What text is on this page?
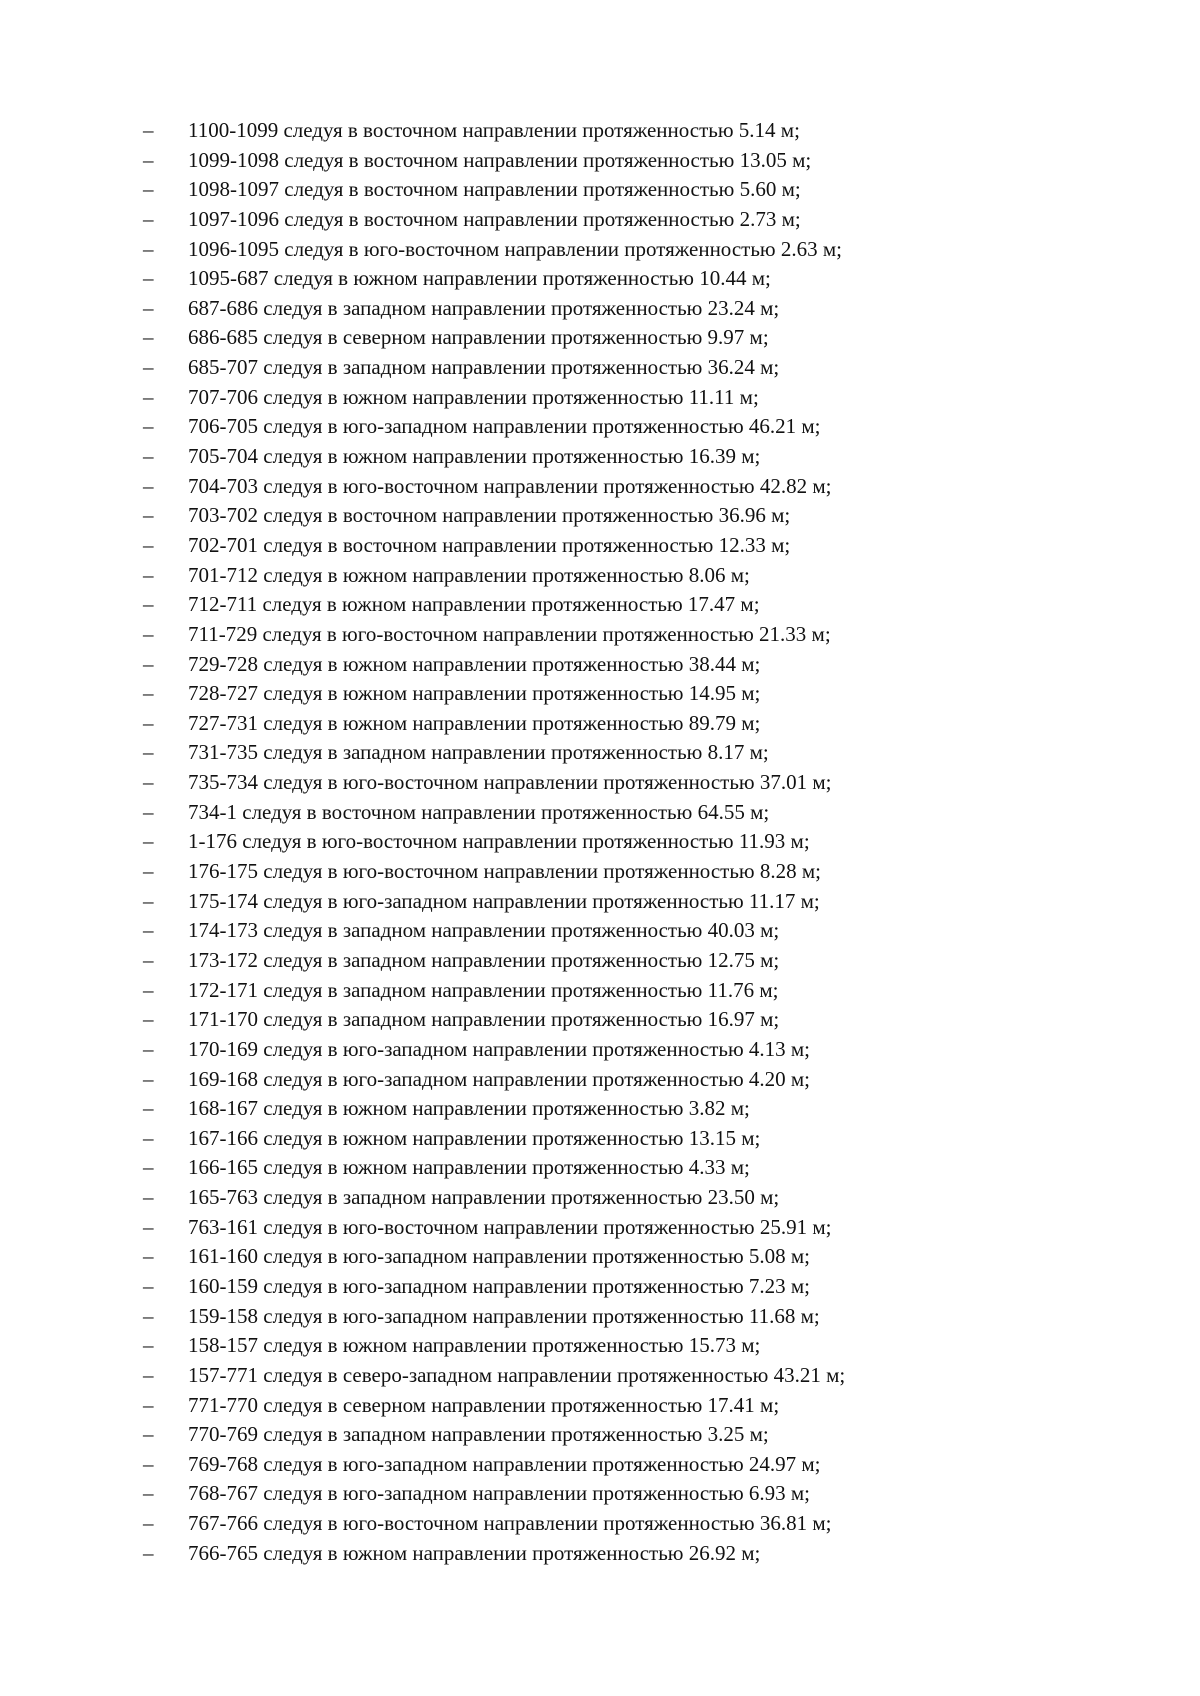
–	1100-1099 следуя в восточном направлении протяженностью 5.14 м;
–	1099-1098 следуя в восточном направлении протяженностью 13.05 м;
–	1098-1097 следуя в восточном направлении протяженностью 5.60 м;
–	1097-1096 следуя в восточном направлении протяженностью 2.73 м;
–	1096-1095 следуя в юго-восточном направлении протяженностью 2.63 м;
–	1095-687 следуя в южном направлении протяженностью 10.44 м;
–	687-686 следуя в западном направлении протяженностью 23.24 м;
–	686-685 следуя в северном направлении протяженностью 9.97 м;
–	685-707 следуя в западном направлении протяженностью 36.24 м;
–	707-706 следуя в южном направлении протяженностью 11.11 м;
–	706-705 следуя в юго-западном направлении протяженностью 46.21 м;
–	705-704 следуя в южном направлении протяженностью 16.39 м;
–	704-703 следуя в юго-восточном направлении протяженностью 42.82 м;
–	703-702 следуя в восточном направлении протяженностью 36.96 м;
–	702-701 следуя в восточном направлении протяженностью 12.33 м;
–	701-712 следуя в южном направлении протяженностью 8.06 м;
–	712-711 следуя в южном направлении протяженностью 17.47 м;
–	711-729 следуя в юго-восточном направлении протяженностью 21.33 м;
–	729-728 следуя в южном направлении протяженностью 38.44 м;
–	728-727 следуя в южном направлении протяженностью 14.95 м;
–	727-731 следуя в южном направлении протяженностью 89.79 м;
–	731-735 следуя в западном направлении протяженностью 8.17 м;
–	735-734 следуя в юго-восточном направлении протяженностью 37.01 м;
–	734-1 следуя в восточном направлении протяженностью 64.55 м;
–	1-176 следуя в юго-восточном направлении протяженностью 11.93 м;
–	176-175 следуя в юго-восточном направлении протяженностью 8.28 м;
–	175-174 следуя в юго-западном направлении протяженностью 11.17 м;
–	174-173 следуя в западном направлении протяженностью 40.03 м;
–	173-172 следуя в западном направлении протяженностью 12.75 м;
–	172-171 следуя в западном направлении протяженностью 11.76 м;
–	171-170 следуя в западном направлении протяженностью 16.97 м;
–	170-169 следуя в юго-западном направлении протяженностью 4.13 м;
–	169-168 следуя в юго-западном направлении протяженностью 4.20 м;
–	168-167 следуя в южном направлении протяженностью 3.82 м;
–	167-166 следуя в южном направлении протяженностью 13.15 м;
–	166-165 следуя в южном направлении протяженностью 4.33 м;
–	165-763 следуя в западном направлении протяженностью 23.50 м;
–	763-161 следуя в юго-восточном направлении протяженностью 25.91 м;
–	161-160 следуя в юго-западном направлении протяженностью 5.08 м;
–	160-159 следуя в юго-западном направлении протяженностью 7.23 м;
–	159-158 следуя в юго-западном направлении протяженностью 11.68 м;
–	158-157 следуя в южном направлении протяженностью 15.73 м;
–	157-771 следуя в северо-западном направлении протяженностью 43.21 м;
–	771-770 следуя в северном направлении протяженностью 17.41 м;
–	770-769 следуя в западном направлении протяженностью 3.25 м;
–	769-768 следуя в юго-западном направлении протяженностью 24.97 м;
–	768-767 следуя в юго-западном направлении протяженностью 6.93 м;
–	767-766 следуя в юго-восточном направлении протяженностью 36.81 м;
–	766-765 следуя в южном направлении протяженностью 26.92 м;
